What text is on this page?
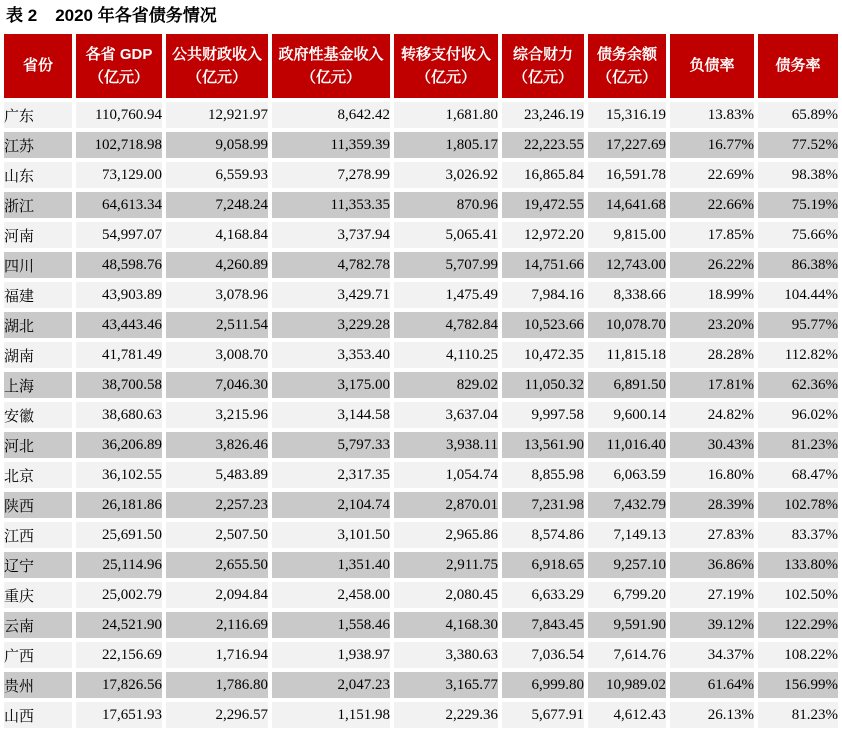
表 2 2020 年各省债务情况
省份	各省 GDP（亿元）	公共财政收入（亿元）	政府性基金收入（亿元）	转移支付收入（亿元）	综合财力（亿元）	债务余额（亿元）	负债率	债务率
广东	110,760.94	12,921.97	8,642.42	1,681.80	23,246.19	15,316.19	13.83%	65.89%
江苏	102,718.98	9,058.99	11,359.39	1,805.17	22,223.55	17,227.69	16.77%	77.52%
山东	73,129.00	6,559.93	7,278.99	3,026.92	16,865.84	16,591.78	22.69%	98.38%
浙江	64,613.34	7,248.24	11,353.35	870.96	19,472.55	14,641.68	22.66%	75.19%
河南	54,997.07	4,168.84	3,737.94	5,065.41	12,972.20	9,815.00	17.85%	75.66%
四川	48,598.76	4,260.89	4,782.78	5,707.99	14,751.66	12,743.00	26.22%	86.38%
福建	43,903.89	3,078.96	3,429.71	1,475.49	7,984.16	8,338.66	18.99%	104.44%
湖北	43,443.46	2,511.54	3,229.28	4,782.84	10,523.66	10,078.70	23.20%	95.77%
湖南	41,781.49	3,008.70	3,353.40	4,110.25	10,472.35	11,815.18	28.28%	112.82%
上海	38,700.58	7,046.30	3,175.00	829.02	11,050.32	6,891.50	17.81%	62.36%
安徽	38,680.63	3,215.96	3,144.58	3,637.04	9,997.58	9,600.14	24.82%	96.02%
河北	36,206.89	3,826.46	5,797.33	3,938.11	13,561.90	11,016.40	30.43%	81.23%
北京	36,102.55	5,483.89	2,317.35	1,054.74	8,855.98	6,063.59	16.80%	68.47%
陕西	26,181.86	2,257.23	2,104.74	2,870.01	7,231.98	7,432.79	28.39%	102.78%
江西	25,691.50	2,507.50	3,101.50	2,965.86	8,574.86	7,149.13	27.83%	83.37%
辽宁	25,114.96	2,655.50	1,351.40	2,911.75	6,918.65	9,257.10	36.86%	133.80%
重庆	25,002.79	2,094.84	2,458.00	2,080.45	6,633.29	6,799.20	27.19%	102.50%
云南	24,521.90	2,116.69	1,558.46	4,168.30	7,843.45	9,591.90	39.12%	122.29%
广西	22,156.69	1,716.94	1,938.97	3,380.63	7,036.54	7,614.76	34.37%	108.22%
贵州	17,826.56	1,786.80	2,047.23	3,165.77	6,999.80	10,989.02	61.64%	156.99%
山西	17,651.93	2,296.57	1,151.98	2,229.36	5,677.91	4,612.43	26.13%	81.23%
